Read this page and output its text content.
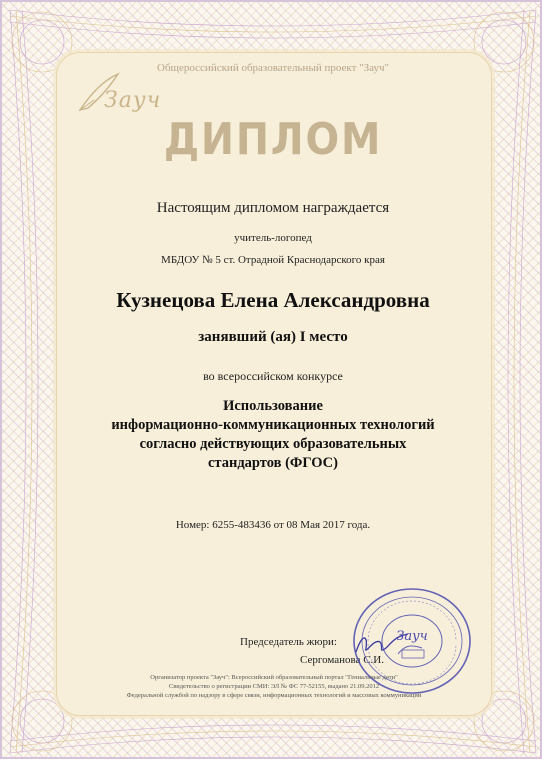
Общероссийский образовательный проект "Зауч"
Зауч
ДИПЛОМ
Настоящим дипломом награждается
учитель-логопед
МБДОУ № 5 ст. Отрадной Краснодарского края
Кузнецова Елена Александровна
занявший (ая) I место
во всероссийском конкурсе
Использование
информационно-коммуникационных технологий
согласно действующих образовательных
стандартов (ФГОС)
Номер: 6255-483436 от 08 Мая 2017 года.
Председатель жюри:
Сергоманова С.И.
Зауч
Организатор проекта "Зауч": Всероссийский образовательный портал "Гениальные дети"
Свидетельство о регистрации СМИ: ЭЛ № ФС 77-52155, выдано 21.09.2012
Федеральной службой по надзору в сфере связи, информационных технологий и массовых коммуникаций
